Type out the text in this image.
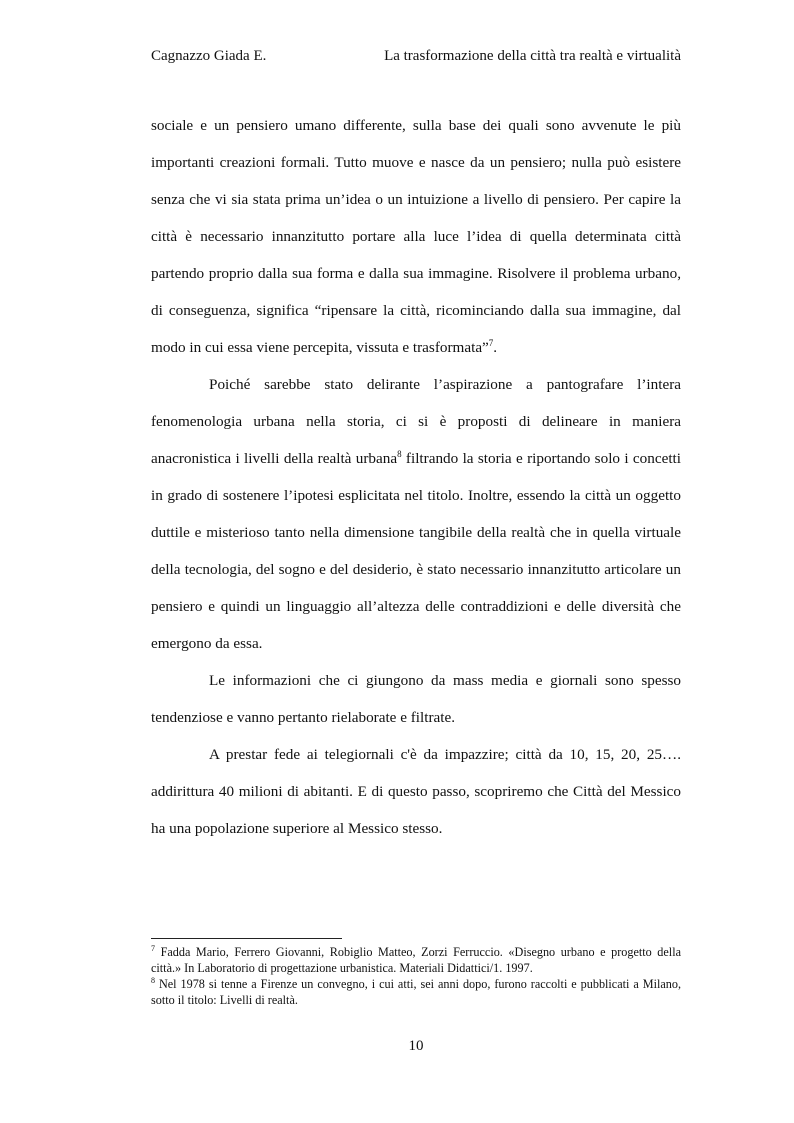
Cagnazzo Giada E.	La trasformazione della città tra realtà e virtualità

sociale e un pensiero umano differente, sulla base dei quali sono avvenute le più importanti creazioni formali. Tutto muove e nasce da un pensiero; nulla può esistere senza che vi sia stata prima un’idea o un intuizione a livello di pensiero. Per capire la città è necessario innanzitutto portare alla luce l’idea di quella determinata città partendo proprio dalla sua forma e dalla sua immagine. Risolvere il problema urbano, di conseguenza, significa “ripensare la città, ricominciando dalla sua immagine, dal modo in cui essa viene percepita, vissuta e trasformata”$^7$.

Poiché sarebbe stato delirante l’aspirazione a pantografare l’intera fenomenologia urbana nella storia, ci si è proposti di delineare in maniera anacronistica i livelli della realtà urbana$^8$ filtrando la storia e riportando solo i concetti in grado di sostenere l’ipotesi esplicitata nel titolo. Inoltre, essendo la città un oggetto duttile e misterioso tanto nella dimensione tangibile della realtà che in quella virtuale della tecnologia, del sogno e del desiderio, è stato necessario innanzitutto articolare un pensiero e quindi un linguaggio all’altezza delle contraddizioni e delle diversità che emergono da essa.

Le informazioni che ci giungono da mass media e giornali sono spesso tendenziose e vanno pertanto rielaborate e filtrate.

A prestar fede ai telegiornali c'è da impazzire; città da 10, 15, 20, 25…. addirittura 40 milioni di abitanti. E di questo passo, scopriremo che Città del Messico ha una popolazione superiore al Messico stesso.

$^7$ Fadda Mario, Ferrero Giovanni, Robiglio Matteo, Zorzi Ferruccio. «Disegno urbano e progetto della città.» In Laboratorio di progettazione urbanistica. Materiali Didattici/1. 1997.

$^8$ Nel 1978 si tenne a Firenze un convegno, i cui atti, sei anni dopo, furono raccolti e pubblicati a Milano, sotto il titolo: Livelli di realtà.

10
